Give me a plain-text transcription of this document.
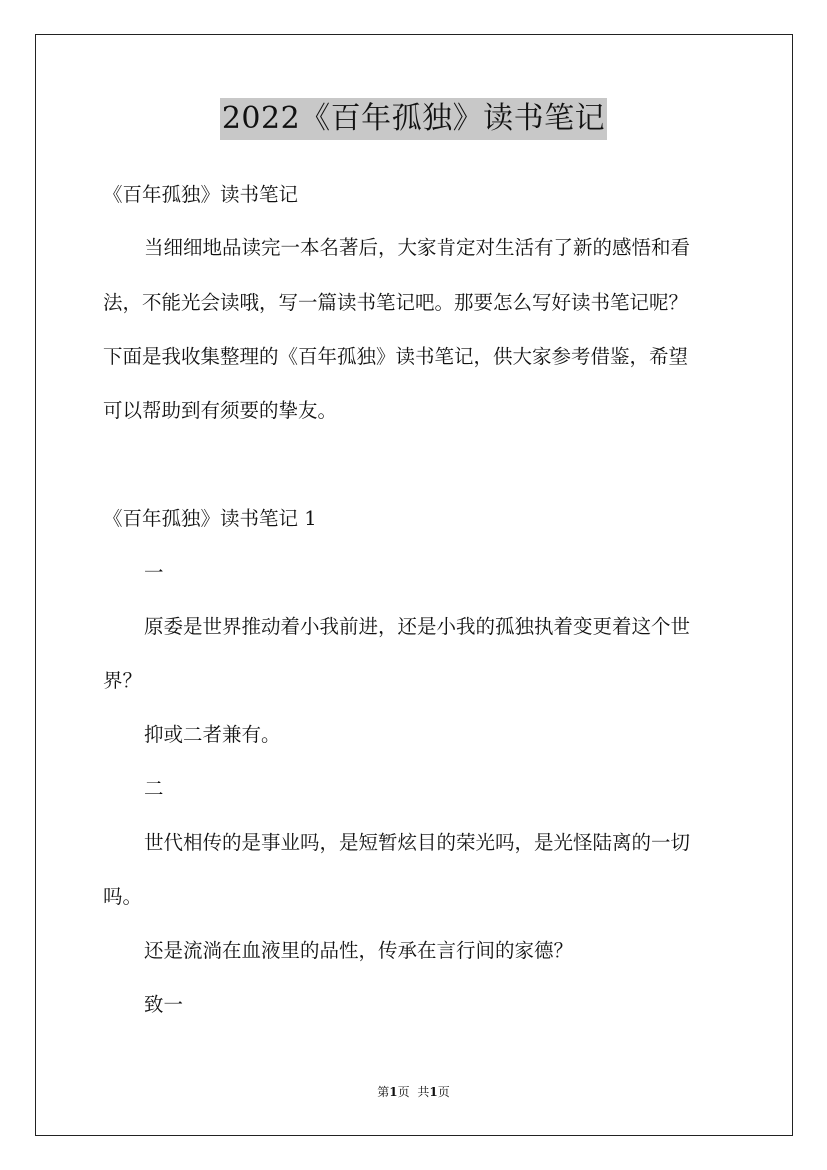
2022《百年孤独》读书笔记
《百年孤独》读书笔记
当细细地品读完一本名著后，大家肯定对生活有了新的感悟和看
法，不能光会读哦，写一篇读书笔记吧。那要怎么写好读书笔记呢？
下面是我收集整理的《百年孤独》读书笔记，供大家参考借鉴，希望
可以帮助到有须要的挚友。
《百年孤独》读书笔记 1
一
原委是世界推动着小我前进，还是小我的孤独执着变更着这个世
界？
抑或二者兼有。
二
世代相传的是事业吗，是短暂炫目的荣光吗，是光怪陆离的一切
吗。
还是流淌在血液里的品性，传承在言行间的家德？
致一
第1页 共1页
